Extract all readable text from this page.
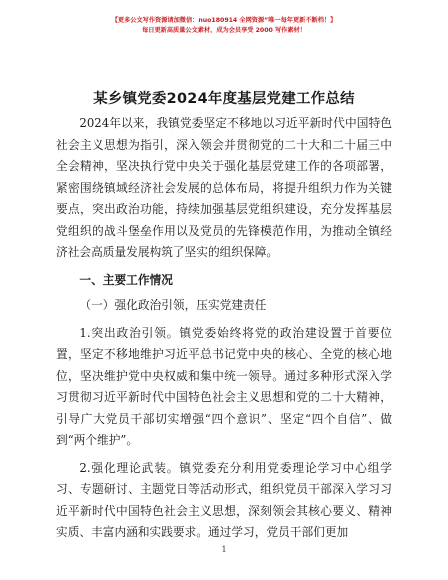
【更多公文写作资源请加微信：nuo180914 全网资源”唯一每年更新不断档！】
每日更新高质量公文素材，成为会员享受 2000 写作素材！
某乡镇党委2024年度基层党建工作总结

2024年以来，我镇党委坚定不移地以习近平新时代中国特色社会主义思想为指引，深入领会并贯彻党的二十大和二十届三中全会精神，坚决执行党中央关于强化基层党建工作的各项部署，紧密围绕镇域经济社会发展的总体布局，将提升组织力作为关键要点，突出政治功能，持续加强基层党组织建设，充分发挥基层党组织的战斗堡垒作用以及党员的先锋模范作用，为推动全镇经济社会高质量发展构筑了坚实的组织保障。

一、主要工作情况
（一）强化政治引领，压实党建责任

1.突出政治引领。镇党委始终将党的政治建设置于首要位置，坚定不移地维护习近平总书记党中央的核心、全党的核心地位，坚决维护党中央权威和集中统一领导。通过多种形式深入学习贯彻习近平新时代中国特色社会主义思想和党的二十大精神，引导广大党员干部切实增强“四个意识”、坚定“四个自信”、做到“两个维护”。

2.强化理论武装。镇党委充分利用党委理论学习中心组学习、专题研讨、主题党日等活动形式，组织党员干部深入学习习近平新时代中国特色社会主义思想，深刻领会其核心要义、精神实质、丰富内涵和实践要求。通过学习，党员干部们更加

1
